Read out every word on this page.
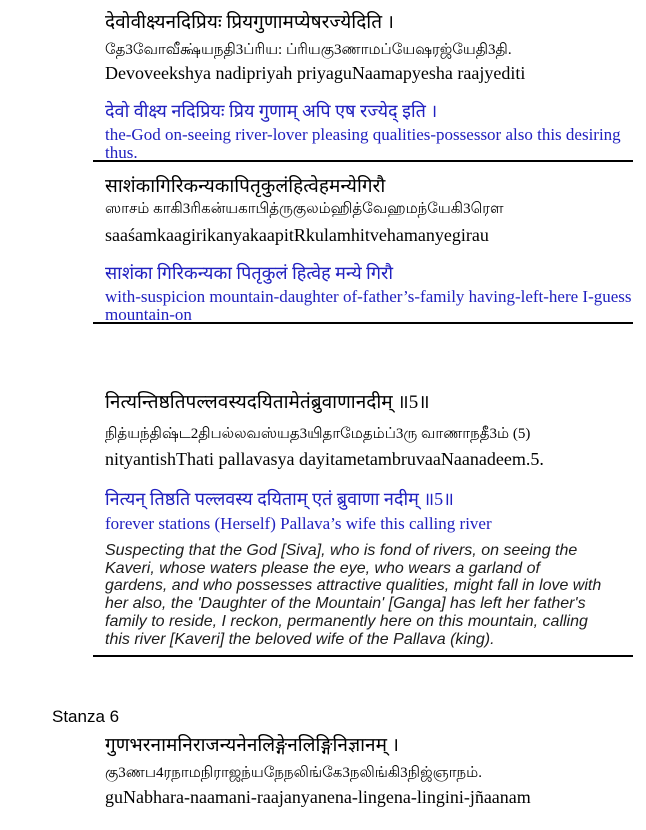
देवोवीक्ष्यनदिप्रियः प्रियगुणामप्येषरज्येदिति ।
தே3வோவீக்ஷ்யநதி3ப்ரிய: ப்ரியகு3ணாமப்யேஷரஜ்யேதி3தி.
Devoveekshya nadipriyah priyaguNaamapyesha raajyediti
देवो वीक्ष्य नदिप्रियः प्रिय गुणाम् अपि एष रज्येद् इति ।
the-God on-seeing river-lover pleasing qualities-possessor also this desiring
thus.
साशंकागिरिकन्यकापितृकुलंहित्वेहमन्येगिरौ
ஸாசம் காகி3ரிகன்யகாபித்ருகுலம்ஹித்வேஹமந்யேகி3ரௌ
saaśamkaagirikanyakaapitRkulamhitvehamanyegirau
साशंका गिरिकन्यका पितृकुलं हित्वेह मन्ये गिरौ
with-suspicion mountain-daughter of-father’s-family having-left-here I-guess
mountain-on
नित्यन्तिष्ठतिपल्लवस्यदयितामेतंब्रुवाणानदीम् ॥5॥
நித்யந்திஷ்ட2திபல்லவஸ்யத3யிதாமேதம்ப்3ரு வாணாநதீ3ம் (5)
nityantishThati pallavasya dayitametambruvaaNaanadeem.5.
नित्यन् तिष्ठति पल्लवस्य दयिताम् एतं ब्रुवाणा नदीम् ॥5॥
forever stations (Herself) Pallava’s wife this calling river
Suspecting that the God [Siva], who is fond of rivers, on seeing the
Kaveri, whose waters please the eye, who wears a garland of
gardens, and who possesses attractive qualities, might fall in love with
her also, the 'Daughter of the Mountain' [Ganga] has left her father's
family to reside, I reckon, permanently here on this mountain, calling
this river [Kaveri] the beloved wife of the Pallava (king).
Stanza 6
गुणभरनामनिराजन्यनेनलिङ्गेनलिङ्गिनिज्ञानम् ।
கு3ணப4ரநாமநிராஜந்யநேநலிங்கே3நலிங்கி3நிஜ்ஞாநம்.
guNabhara-naamani-raajanyanena-lingena-lingini-jñaanam
